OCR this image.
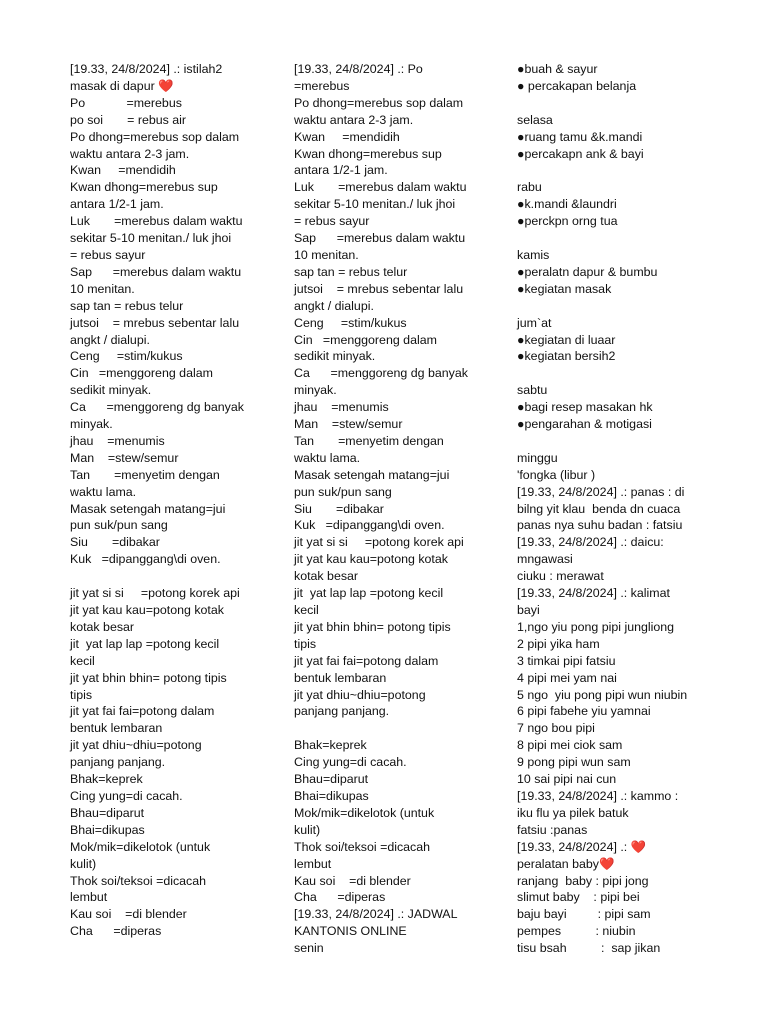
[19.33, 24/8/2024] .: istilah2
masak di dapur ❤️
Po            =merebus
po soi       = rebus air
Po dhong=merebus sop dalam
waktu antara 2-3 jam.
Kwan     =mendidih
Kwan dhong=merebus sup
antara 1/2-1 jam.
Luk       =merebus dalam waktu
sekitar 5-10 menitan./ luk jhoi
= rebus sayur
Sap      =merebus dalam waktu
10 menitan.
sap tan = rebus telur
jutsoi    = mrebus sebentar lalu
angkt / dialupi.
Ceng     =stim/kukus
Cin   =menggoreng dalam
sedikit minyak.
Ca      =menggoreng dg banyak
minyak.
jhau    =menumis
Man    =stew/semur
Tan       =menyetim dengan
waktu lama.
Masak setengah matang=jui
pun suk/pun sang
Siu       =dibakar
Kuk   =dipanggang\di oven.

jit yat si si     =potong korek api
jit yat kau kau=potong kotak
kotak besar
jit  yat lap lap =potong kecil
kecil
jit yat bhin bhin= potong tipis
tipis
jit yat fai fai=potong dalam
bentuk lembaran
jit yat dhiu~dhiu=potong
panjang panjang.
Bhak=keprek
Cing yung=di cacah.
Bhau=diparut
Bhai=dikupas
Mok/mik=dikelotok (untuk
kulit)
Thok soi/teksoi =dicacah
lembut
Kau soi    =di blender
Cha      =diperas
[19.33, 24/8/2024] .: Po
=merebus
Po dhong=merebus sop dalam
waktu antara 2-3 jam.
Kwan     =mendidih
Kwan dhong=merebus sup
antara 1/2-1 jam.
Luk       =merebus dalam waktu
sekitar 5-10 menitan./ luk jhoi
= rebus sayur
Sap      =merebus dalam waktu
10 menitan.
sap tan = rebus telur
jutsoi    = mrebus sebentar lalu
angkt / dialupi.
Ceng     =stim/kukus
Cin   =menggoreng dalam
sedikit minyak.
Ca      =menggoreng dg banyak
minyak.
jhau    =menumis
Man    =stew/semur
Tan       =menyetim dengan
waktu lama.
Masak setengah matang=jui
pun suk/pun sang
Siu       =dibakar
Kuk   =dipanggang\di oven.
jit yat si si     =potong korek api
jit yat kau kau=potong kotak
kotak besar
jit  yat lap lap =potong kecil
kecil
jit yat bhin bhin= potong tipis
tipis
jit yat fai fai=potong dalam
bentuk lembaran
jit yat dhiu~dhiu=potong
panjang panjang.

Bhak=keprek
Cing yung=di cacah.
Bhau=diparut
Bhai=dikupas
Mok/mik=dikelotok (untuk
kulit)
Thok soi/teksoi =dicacah
lembut
Kau soi    =di blender
Cha      =diperas
[19.33, 24/8/2024] .: JADWAL
KANTONIS ONLINE
senin
●buah & sayur
● percakapan belanja

selasa
●ruang tamu &k.mandi
●percakapn ank & bayi

rabu
●k.mandi &laundri
●perckpn orng tua

kamis
●peralatn dapur & bumbu
●kegiatan masak

jum`at
●kegiatan di luaar
●kegiatan bersih2

sabtu
●bagi resep masakan hk
●pengarahan & motigasi

minggu
'fongka (libur )
[19.33, 24/8/2024] .: panas : di
bilng yit klau  benda dn cuaca
panas nya suhu badan : fatsiu
[19.33, 24/8/2024] .: daicu:
mngawasi
ciuku : merawat
[19.33, 24/8/2024] .: kalimat
bayi
1,ngo yiu pong pipi jungliong
2 pipi yika ham
3 timkai pipi fatsiu
4 pipi mei yam nai
5 ngo  yiu pong pipi wun niubin
6 pipi fabehe yiu yamnai
7 ngo bou pipi
8 pipi mei ciok sam
9 pong pipi wun sam
10 sai pipi nai cun
[19.33, 24/8/2024] .: kammo :
iku flu ya pilek batuk
fatsiu :panas
[19.33, 24/8/2024] .: ❤️
peralatan baby❤️
ranjang  baby : pipi jong
slimut baby    : pipi bei
baju bayi         : pipi sam
pempes          : niubin
tisu bsah          :  sap jikan
